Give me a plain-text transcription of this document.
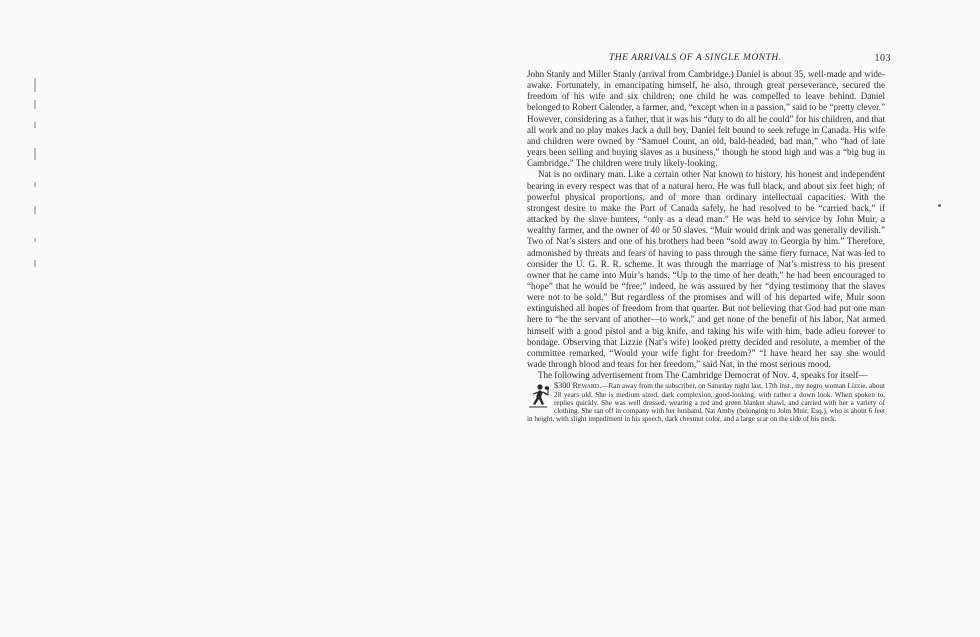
THE ARRIVALS OF A SINGLE MONTH.	103

John Stanly and Miller Stanly (arrival from Cambridge.) Daniel is about 35, well-made and wide-awake. Fortunately, in emancipating himself, he also, through great perseverance, secured the freedom of his wife and six children; one child he was compelled to leave behind. Daniel belonged to Robert Calender, a farmer, and, “except when in a passion,” said to be “pretty clever.” However, considering as a father, that it was his “duty to do all he could” for his children, and that all work and no play makes Jack a dull boy, Daniel felt bound to seek refuge in Canada. His wife and children were owned by “Samuel Count, an old, bald-headed, bad man,” who “had of late years been selling and buying slaves as a business,” though he stood high and was a “big bug in Cambridge.” The children were truly likely-looking.

Nat is no ordinary man. Like a certain other Nat known to history, his honest and independent bearing in every respect was that of a natural hero. He was full black, and about six feet high; of powerful physical proportions, and of more than ordinary intellectual capacities. With the strongest desire to make the Port of Canada safely, he had resolved to be “carried back,” if attacked by the slave hunters, “only as a dead man.” He was held to service by John Muir, a wealthy farmer, and the owner of 40 or 50 slaves. “Muir would drink and was generally devilish.” Two of Nat’s sisters and one of his brothers had been “sold away to Georgia by him.” Therefore, admonished by threats and fears of having to pass through the same fiery furnace, Nat was led to consider the U. G. R. R. scheme. It was through the marriage of Nat’s mistress to his present owner that he came into Muir’s hands. “Up to the time of her death,” he had been encouraged to “hope” that he would be “free;” indeed, he was assured by her “dying testimony that the slaves were not to be sold.” But regardless of the promises and will of his departed wife, Muir soon extinguished all hopes of freedom from that quarter. But not believing that God had put one man here to “be the servant of another—to work,” and get none of the benefit of his labor, Nat armed himself with a good pistol and a big knife, and taking his wife with him, bade adieu forever to bondage. Observing that Lizzie (Nat’s wife) looked pretty decided and resolute, a member of the committee remarked, “Would your wife fight for freedom?” “I have heard her say she would wade through blood and tears for her freedom,” said Nat, in the most serious mood.

The following advertisement from The Cambridge Democrat of Nov. 4, speaks for itself—

$300 Reward.—Ran away from the subscriber, on Saturday night last, 17th inst., my negro woman Lizzie, about 28 years old. She is medium sized, dark complexion, good-looking, with rather a down look. When spoken to, replies quickly. She was well dressed, wearing a red and green blanket shawl, and carried with her a variety of clothing. She ran off in company with her husband, Nat Amby (belonging to John Muir, Esq.), who is about 6 feet in height, with slight impediment in his speech, dark chestnut color, and a large scar on the side of his neck.
